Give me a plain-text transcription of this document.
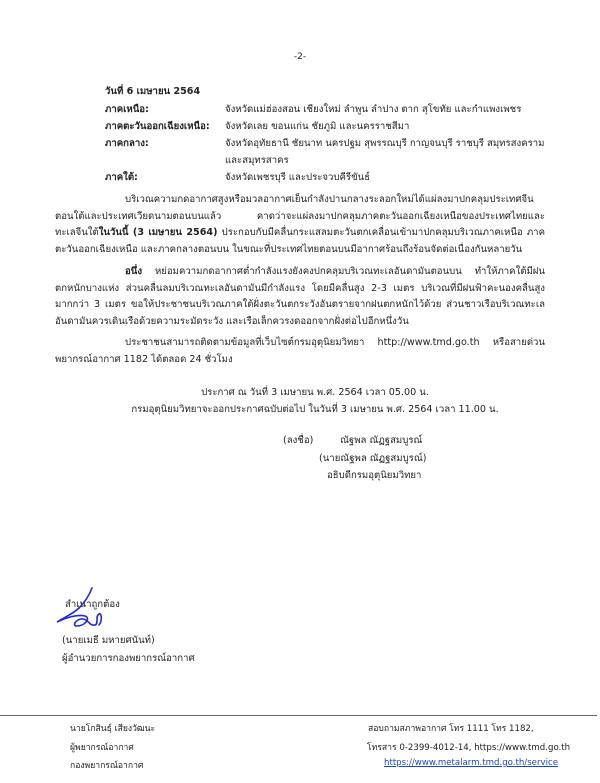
-2-
วันที่ 6 เมษายน 2564
ภาคเหนือ:	จังหวัดแม่ฮ่องสอน เชียงใหม่ ลำพูน ลำปาง ตาก สุโขทัย และกำแพงเพชร
ภาคตะวันออกเฉียงเหนือ: จังหวัดเลย ขอนแก่น ชัยภูมิ และนครราชสีมา
ภาคกลาง:	จังหวัดอุทัยธานี ชัยนาท นครปฐม สุพรรณบุรี กาญจนบุรี ราชบุรี สมุทรสงคราม
และสมุทรสาคร
ภาคใต้:	จังหวัดเพชรบุรี และประจวบคีรีขันธ์
บริเวณความกดอากาศสูงหรือมวลอากาศเย็นกำลังปานกลางระลอกใหม่ได้แผ่ลงมาปกคลุมประเทศจีนตอนใต้และประเทศเวียดนามตอนบนแล้ว คาดว่าจะแผ่ลงมาปกคลุมภาคตะวันออกเฉียงเหนือของประเทศไทยและทะเลจีนใต้ในวันนี้ (3 เมษายน 2564) ประกอบกับมีคลื่นกระแสลมตะวันตกเคลื่อนเข้ามาปกคลุมบริเวณภาคเหนือ ภาคตะวันออกเฉียงเหนือ และภาคกลางตอนบน ในขณะที่ประเทศไทยตอนบนมีอากาศร้อนถึงร้อนจัดต่อเนื่องกันหลายวัน
อนึ่ง หย่อมความกดอากาศต่ำกำลังแรงยังคงปกคลุมบริเวณทะเลอันดามันตอนบน ทำให้ภาคใต้มีฝนตกหนักบางแห่ง ส่วนคลื่นลมบริเวณทะเลอันดามันมีกำลังแรง โดยมีคลื่นสูง 2-3 เมตร บริเวณที่มีฝนฟ้าคะนองคลื่นสูงมากกว่า 3 เมตร ขอให้ประชาชนบริเวณภาคใต้ฝั่งตะวันตกระวังอันตรายจากฝนตกหนักไว้ด้วย ส่วนชาวเรือบริเวณทะเลอันดามันควรเดินเรือด้วยความระมัดระวัง และเรือเล็กควรงดออกจากฝั่งต่อไปอีกหนึ่งวัน
ประชาชนสามารถติดตามข้อมูลที่เว็บไซต์กรมอุตุนิยมวิทยา http://www.tmd.go.th หรือสายด่วนพยากรณ์อากาศ 1182 ได้ตลอด 24 ชั่วโมง
ประกาศ ณ วันที่ 3 เมษายน พ.ศ. 2564 เวลา 05.00 น.
กรมอุตุนิยมวิทยาจะออกประกาศฉบับต่อไป ในวันที่ 3 เมษายน พ.ศ. 2564 เวลา 11.00 น.
(ลงชื่อ)	ณัฐพล ณัฏฐสมบูรณ์
(นายณัฐพล ณัฏฐสมบูรณ์)
อธิบดีกรมอุตุนิยมวิทยา
สำเนาถูกต้อง
(นายเมธี มหายศนันท์)
ผู้อำนวยการกองพยากรณ์อากาศ
นายโกสินธุ์ เสียงวัฒนะ
ผู้พยากรณ์อากาศ
กองพยากรณ์อากาศ
สอบถามสภาพอากาศ โทร 1111 โทร 1182,
โทรสาร 0-2399-4012-14, https://www.tmd.go.th
https://www.metalarm.tmd.go.th/service
